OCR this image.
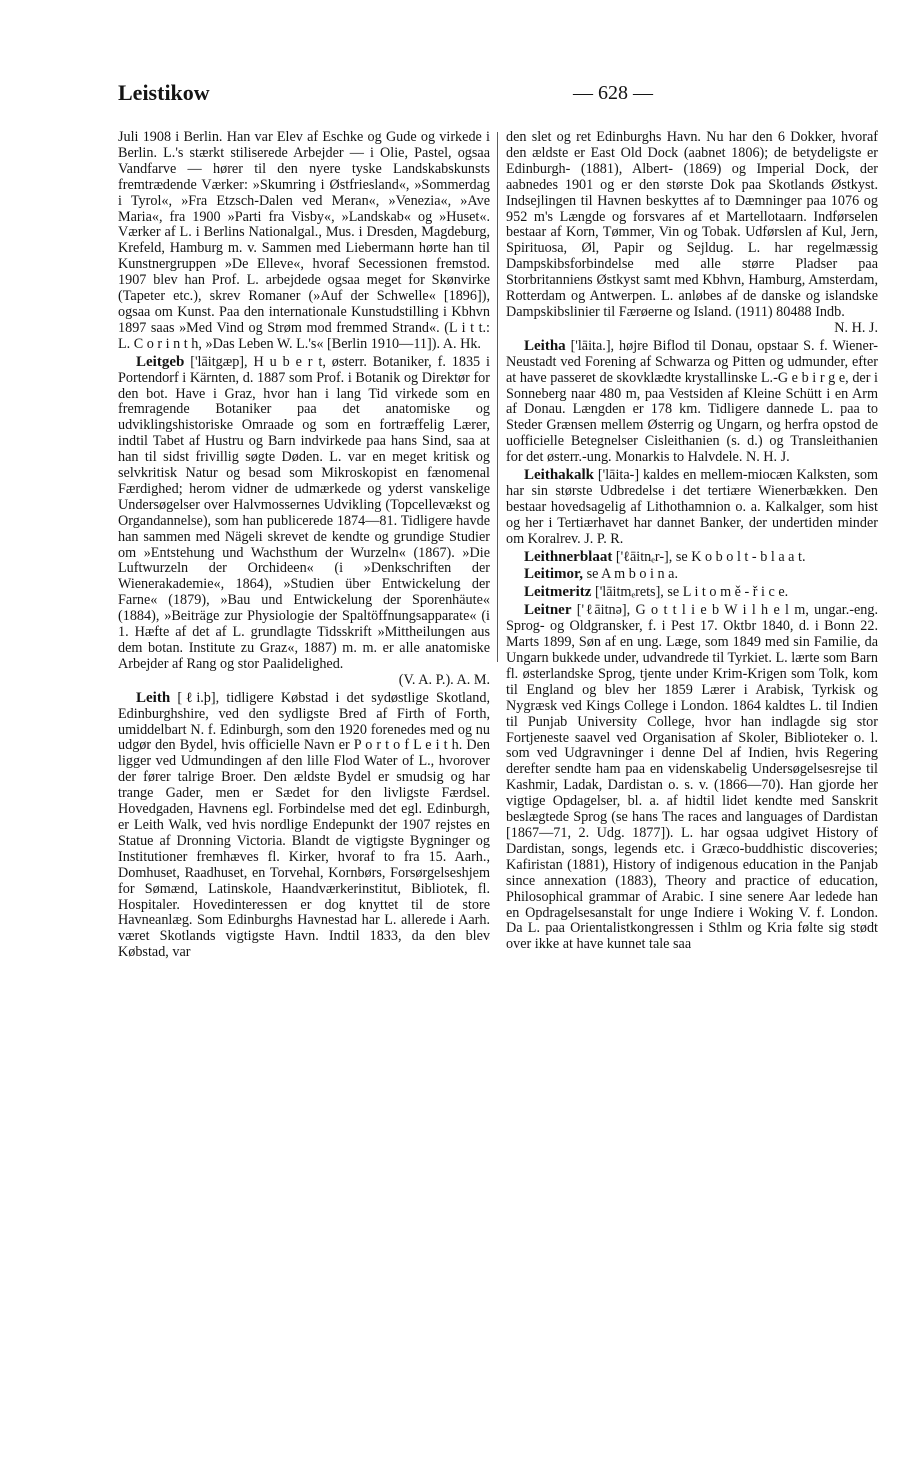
Leistikow	— 628 —

Juli 1908 i Berlin. Han var Elev af Eschke og Gude og virkede i Berlin. L.'s stærkt stiliserede Arbejder — i Olie, Pastel, ogsaa Vandfarve — hører til den nyere tyske Landskabskunsts fremtrædende Værker: »Skumring i Østfriesland«, »Sommerdag i Tyrol«, »Fra Etzsch-Dalen ved Meran«, »Venezia«, »Ave Maria«, fra 1900 »Parti fra Visby«, »Landskab« og »Huset«. Værker af L. i Berlins Nationalgal., Mus. i Dresden, Magdeburg, Krefeld, Hamburg m. v. Sammen med Liebermann hørte han til Kunstnergruppen »De Elleve«, hvoraf Secessionen fremstod. 1907 blev han Prof. L. arbejdede ogsaa meget for Skønvirke (Tapeter etc.), skrev Romaner (»Auf der Schwelle« [1896]), ogsaa om Kunst. Paa den internationale Kunstudstilling i Kbhvn 1897 saas »Med Vind og Strøm mod fremmed Strand«. (L i t t.: L. C o r i n t h, »Das Leben W. L.'s« [Berlin 1910—11]). A. Hk.

Leitgeb ['lāitgæp], H u b e r t, østerr. Botaniker, f. 1835 i Portendorf i Kärnten, d. 1887 som Prof. i Botanik og Direktør for den bot. Have i Graz, hvor han i lang Tid virkede som en fremragende Botaniker paa det anatomiske og udviklingshistoriske Omraade og som en fortræffelig Lærer, indtil Tabet af Hustru og Barn indvirkede paa hans Sind, saa at han til sidst frivillig søgte Døden. L. var en meget kritisk og selvkritisk Natur og besad som Mikroskopist en fænomenal Færdighed; herom vidner de udmærkede og yderst vanskelige Undersøgelser over Halvmossernes Udvikling (Topcellevækst og Organdannelse), som han publicerede 1874—81. Tidligere havde han sammen med Nägeli skrevet de kendte og grundige Studier om »Entstehung und Wachsthum der Wurzeln« (1867). »Die Luftwurzeln der Orchideen« (i »Denkschriften der Wienerakademie«, 1864), »Studien über Entwickelung der Farne« (1879), »Bau und Entwickelung der Sporenhäute« (1884), »Beiträge zur Physiologie der Spaltöffnungsapparate« (i 1. Hæfte af det af L. grundlagte Tidsskrift »Mittheilungen aus dem botan. Institute zu Graz«, 1887) m. m. er alle anatomiske Arbejder af Rang og stor Paalidelighed.

(V. A. P.). A. M.

Leith [ℓi.þ], tidligere Købstad i det sydøstlige Skotland, Edinburghshire, ved den sydligste Bred af Firth of Forth, umiddelbart N. f. Edinburgh, som den 1920 forenedes med og nu udgør den Bydel, hvis officielle Navn er P o r t o f L e i t h. Den ligger ved Udmundingen af den lille Flod Water of L., hvorover der fører talrige Broer. Den ældste Bydel er smudsig og har trange Gader, men er Sædet for den livligste Færdsel. Hovedgaden, Havnens egl. Forbindelse med det egl. Edinburgh, er Leith Walk, ved hvis nordlige Endepunkt der 1907 rejstes en Statue af Dronning Victoria. Blandt de vigtigste Bygninger og Institutioner fremhæves fl. Kirker, hvoraf to fra 15. Aarh., Domhuset, Raadhuset, en Torvehal, Kornbørs, Forsørgelseshjem for Sømænd, Latinskole, Haandværkerinstitut, Bibliotek, fl. Hospitaler. Hovedinteressen er dog knyttet til de store Havneanlæg. Som Edinburghs Havnestad har L. allerede i Aarh. været Skotlands vigtigste Havn. Indtil 1833, da den blev Købstad, var

den slet og ret Edinburghs Havn. Nu har den 6 Dokker, hvoraf den ældste er East Old Dock (aabnet 1806); de betydeligste er Edinburgh- (1881), Albert- (1869) og Imperial Dock, der aabnedes 1901 og er den største Dok paa Skotlands Østkyst. Indsejlingen til Havnen beskyttes af to Dæmninger paa 1076 og 952 m's Længde og forsvares af et Martellotaarn. Indførselen bestaar af Korn, Tømmer, Vin og Tobak. Udførslen af Kul, Jern, Spirituosa, Øl, Papir og Sejldug. L. har regelmæssig Dampskibsforbindelse med alle større Pladser paa Storbritanniens Østkyst samt med Kbhvn, Hamburg, Amsterdam, Rotterdam og Antwerpen. L. anløbes af de danske og islandske Dampskibslinier til Færøerne og Island. (1911) 80488 Indb.

N. H. J.

Leitha ['lāita.], højre Biflod til Donau, opstaar S. f. Wiener-Neustadt ved Forening af Schwarza og Pitten og udmunder, efter at have passeret de skovklædte krystallinske L.-G e b i r g e, der i Sonneberg naar 480 m, paa Vestsiden af Kleine Schütt i en Arm af Donau. Længden er 178 km. Tidligere dannede L. paa to Steder Grænsen mellem Østerrig og Ungarn, og herfra opstod de uofficielle Betegnelser Cisleithanien (s. d.) og Transleithanien for det østerr.-ung. Monarkis to Halvdele. N. H. J.

Leithakalk ['lāita-] kaldes en mellem-miocæn Kalksten, som har sin største Udbredelse i det tertiære Wienerbækken. Den bestaar hovedsagelig af Lithothamnion o. a. Kalkalger, som hist og her i Tertiærhavet har dannet Banker, der undertiden minder om Koralrev. J. P. R.

Leithnerblaat ['ℓāitnₑr-], se K o b o l t - b l a a t.

Leitimor, se A m b o i n a.

Leitmeritz ['lāitmₑrets], se L i t o m ě - ř i c e.

Leitner ['ℓāitnə], G o t t l i e b W i l h e l m, ungar.-eng. Sprog- og Oldgransker, f. i Pest 17. Oktbr 1840, d. i Bonn 22. Marts 1899, Søn af en ung. Læge, som 1849 med sin Familie, da Ungarn bukkede under, udvandrede til Tyrkiet. L. lærte som Barn fl. østerlandske Sprog, tjente under Krim-Krigen som Tolk, kom til England og blev her 1859 Lærer i Arabisk, Tyrkisk og Nygræsk ved Kings College i London. 1864 kaldtes L. til Indien til Punjab University College, hvor han indlagde sig stor Fortjeneste saavel ved Organisation af Skoler, Biblioteker o. l. som ved Udgravninger i denne Del af Indien, hvis Regering derefter sendte ham paa en videnskabelig Undersøgelsesrejse til Kashmir, Ladak, Dardistan o. s. v. (1866—70). Han gjorde her vigtige Opdagelser, bl. a. af hidtil lidet kendte med Sanskrit beslægtede Sprog (se hans The races and languages of Dardistan [1867—71, 2. Udg. 1877]). L. har ogsaa udgivet History of Dardistan, songs, legends etc. i Græco-buddhistic discoveries; Kafiristan (1881), History of indigenous education in the Panjab since annexation (1883), Theory and practice of education, Philosophical grammar of Arabic. I sine senere Aar ledede han en Opdragelsesanstalt for unge Indiere i Woking V. f. London. Da L. paa Orientalistkongressen i Sthlm og Kria følte sig stødt over ikke at have kunnet tale saa
